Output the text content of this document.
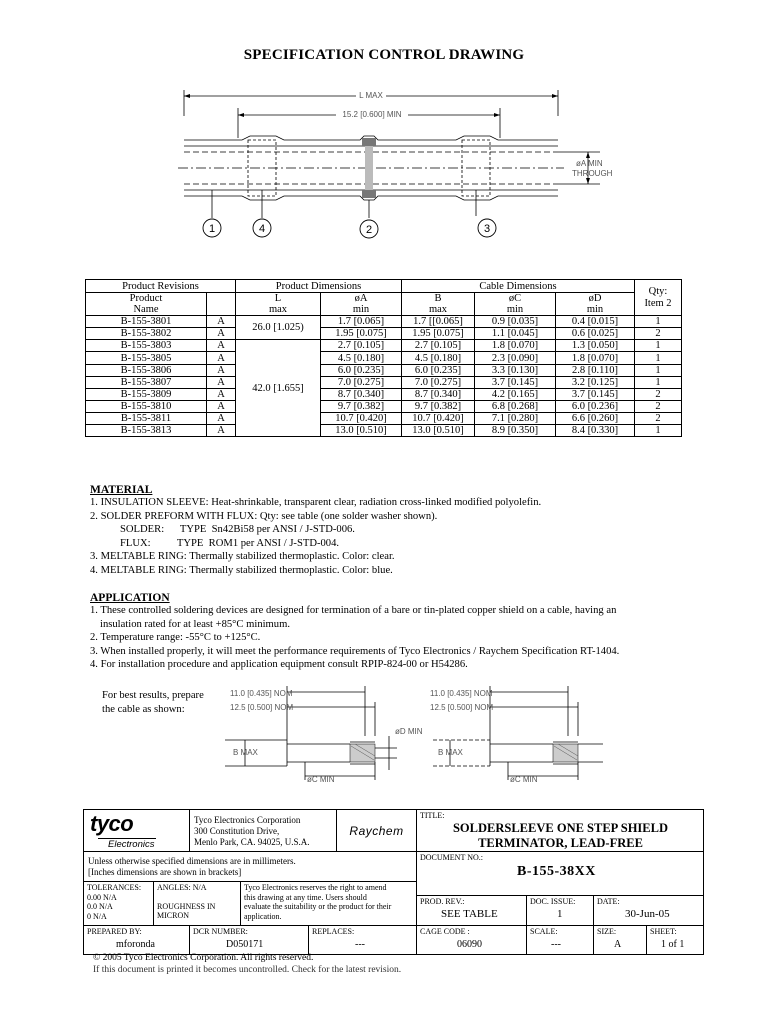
SPECIFICATION CONTROL DRAWING
L MAX
15.2 [0.600] MIN
øA MIN
THROUGH
1	4	2	3
Product Revisions		Product Dimensions		Cable Dimensions			Qty: Item 2
Product		L	øA	B	øC	øD	
Name		max	min	max	min	min	
B-155-3801	A	26.0 [1.025)	1.7 [0.065]	1.7 [[0.065]	0.9 [0.035]	0.4 [0.015]	1
B-155-3802	A		1.95 [0.075]	1.95 [0.075]	1.1 [0.045]	0.6 [0.025]	2
B-155-3803	A	42.0 [1.655]	2.7 [0.105]	2.7 [0.105]	1.8 [0.070]	1.3 [0.050]	1
B-155-3805	A		4.5 [0.180]	4.5 [0.180]	2.3 [0.090]	1.8 [0.070]	1
B-155-3806	A		6.0 [0.235]	6.0 [0.235]	3.3 [0.130]	2.8 [0.110]	1
B-155-3807	A		7.0 [0.275]	7.0 [0.275]	3.7 [0.145]	3.2 [0.125]	1
B-155-3809	A		8.7 [0.340]	8.7 [0.340]	4.2 [0.165]	3.7 [0.145]	2
B-155-3810	A		9.7 [0.382]	9.7 [0.382]	6.8 [0.268]	6.0 [0.236]	2
B-155-3811	A		10.7 [0.420]	10.7 [0.420]	7.1 [0.280]	6.6 [0.260]	2
B-155-3813	A		13.0 [0.510]	13.0 [0.510]	8.9 [0.350]	8.4 [0.330]	1
MATERIAL
1. INSULATION SLEEVE: Heat-shrinkable, transparent clear, radiation cross-linked modified polyolefin.
2. SOLDER PREFORM WITH FLUX: Qty: see table (one solder washer shown).
SOLDER:      TYPE  Sn42Bi58 per ANSI / J-STD-006.
FLUX:          TYPE  ROM1 per ANSI / J-STD-004.
3. MELTABLE RING: Thermally stabilized thermoplastic. Color: clear.
4. MELTABLE RING: Thermally stabilized thermoplastic. Color: blue.
APPLICATION
1. These controlled soldering devices are designed for termination of a bare or tin-plated copper shield on a cable, having an
insulation rated for at least +85°C minimum.
2. Temperature range: -55°C to +125°C.
3. When installed properly, it will meet the performance requirements of Tyco Electronics / Raychem Specification RT-1404.
4. For installation procedure and application equipment consult RPIP-824-00 or H54286.
For best results, prepare
the cable as shown:
11.0 [0.435] NOM
12.5 [0.500] NOM
øD MIN
B MAX
øC MIN
11.0 [0.435] NOM
12.5 [0.500] NOM
B MAX
øC MIN
tyco
Electronics
Tyco Electronics Corporation
300 Constitution Drive,
Menlo Park, CA. 94025, U.S.A.
Raychem
TITLE:
SOLDERSLEEVE ONE STEP SHIELD
TERMINATOR, LEAD-FREE
Unless otherwise specified dimensions are in millimeters.
[Inches dimensions are shown in brackets]
DOCUMENT NO.:
B-155-38XX
TOLERANCES:
0.00 N/A
0.0 N/A
0 N/A
ANGLES: N/A
ROUGHNESS IN
MICRON
Tyco Electronics reserves the right to amend
this drawing at any time. Users should
evaluate the suitability or the product for their
application.
PROD. REV.:
SEE TABLE
DOC. ISSUE:
1
DATE:
30-Jun-05
PREPARED BY:
mforonda
DCR NUMBER:
D050171
REPLACES:
---
CAGE CODE :
06090
SCALE:
---
SIZE:
A
SHEET:
1 of 1
© 2005 Tyco Electronics Corporation. All rights reserved.
If this document is printed it becomes uncontrolled. Check for the latest revision.
